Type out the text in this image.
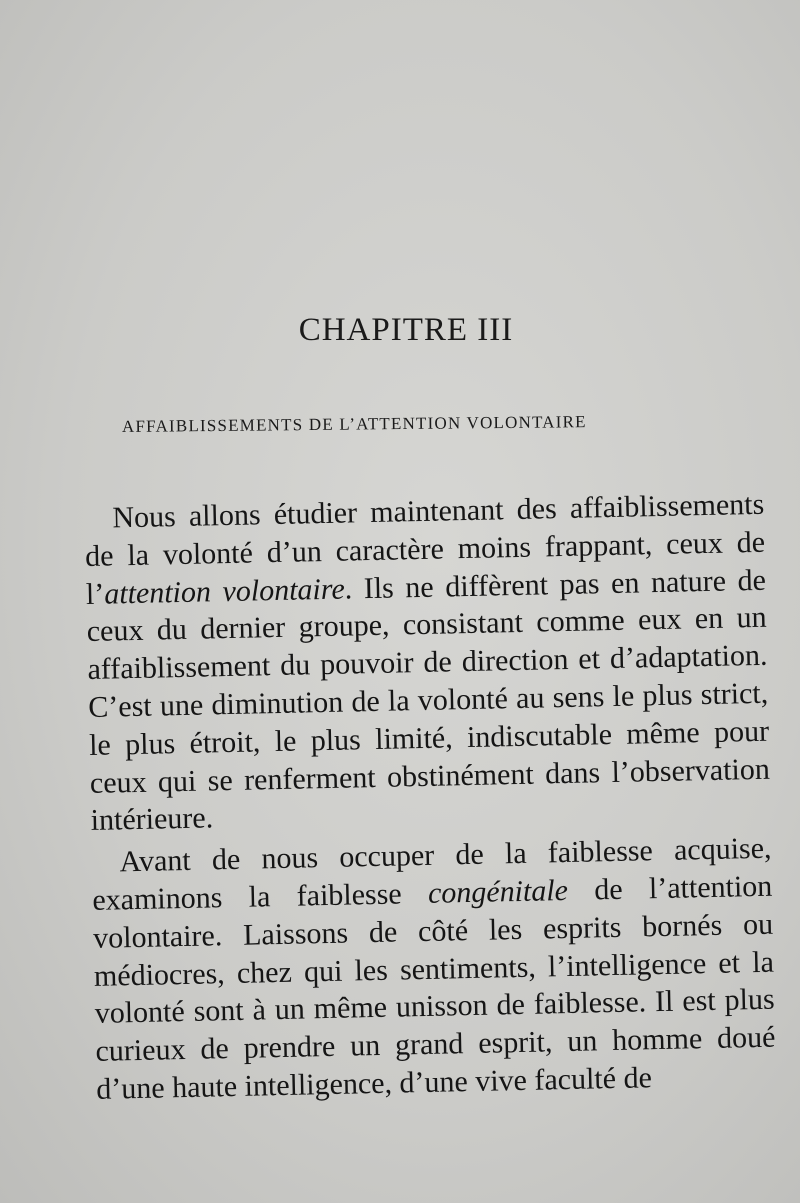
CHAPITRE III
AFFAIBLISSEMENTS DE L’ATTENTION VOLONTAIRE

Nous allons étudier maintenant des affaiblissements de la volonté d’un caractère moins frappant, ceux de l’attention volontaire. Ils ne diffèrent pas en nature de ceux du dernier groupe, consistant comme eux en un affaiblissement du pouvoir de direction et d’adaptation. C’est une diminution de la volonté au sens le plus strict, le plus étroit, le plus limité, indiscutable même pour ceux qui se renferment obstinément dans l’observation intérieure.

Avant de nous occuper de la faiblesse acquise, examinons la faiblesse congénitale de l’attention volontaire. Laissons de côté les esprits bornés ou médiocres, chez qui les sentiments, l’intelligence et la volonté sont à un même unisson de faiblesse. Il est plus curieux de prendre un grand esprit, un homme doué d’une haute intelligence, d’une vive faculté de
